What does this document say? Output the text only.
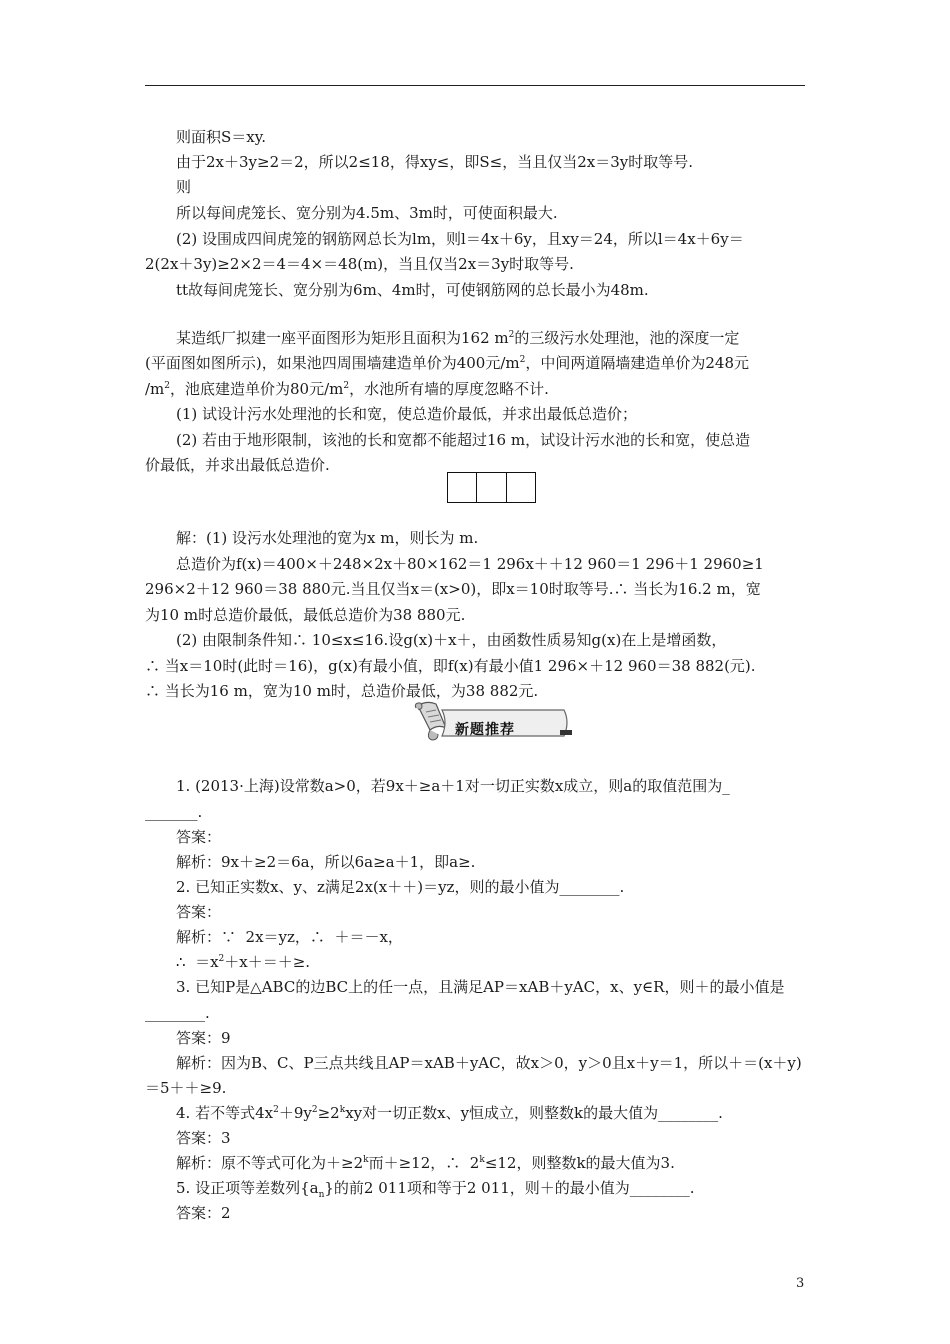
则面积S＝xy.
由于2x＋3y≥2＝2，所以2≤18，得xy≤，即S≤，当且仅当2x＝3y时取等号.
则
所以每间虎笼长、宽分别为4.5m、3m时，可使面积最大.
(2) 设围成四间虎笼的钢筋网总长为lm，则l＝4x＋6y，且xy＝24，所以l＝4x＋6y＝
2(2x＋3y)≥2×2＝4＝4×＝48(m)，当且仅当2x＝3y时取等号.
tt故每间虎笼长、宽分别为6m、4m时，可使钢筋网的总长最小为48m.
某造纸厂拟建一座平面图形为矩形且面积为162 $m^2$的三级污水处理池，池的深度一定
(平面图如图所示)，如果池四周围墙建造单价为400元$/m^2$，中间两道隔墙建造单价为248元
$/m^2$，池底建造单价为80元$/m^2$，水池所有墙的厚度忽略不计.
(1) 试设计污水处理池的长和宽，使总造价最低，并求出最低总造价；
(2) 若由于地形限制，该池的长和宽都不能超过16 m，试设计污水池的长和宽，使总造
价最低，并求出最低总造价.
解：(1) 设污水处理池的宽为x m，则长为 m.
总造价为f(x)＝400×＋248×2x＋80×162＝1 296x＋＋12 960＝1 296＋1 2960≥1
296×2＋12 960＝38 880元.当且仅当x＝(x>0)，即x＝10时取等号.∴ 当长为16.2 m，宽
为10 m时总造价最低，最低总造价为38 880元.
(2) 由限制条件知∴ 10≤x≤16.设g(x)＋x＋，由函数性质易知g(x)在上是增函数，
∴ 当x＝10时(此时＝16)，g(x)有最小值，即f(x)有最小值1 296×＋12 960＝38 882(元).
∴ 当长为16 m，宽为10 m时，总造价最低，为38 882元.
新题推荐
1. (2013·上海)设常数a>0，若9x＋≥a＋1对一切正实数x成立，则a的取值范围为_
_______.
答案：
解析：9x＋≥2＝6a，所以6a≥a＋1，即a≥.
2. 已知正实数x、y、z满足2x(x＋＋)＝yz，则的最小值为________.
答案：
解析：∵  2x＝yz，∴  ＋＝－x，
∴  $=x^2+x+=+\ge$.
3. 已知P是△ABC的边BC上的任一点，且满足AP＝xAB＋yAC，x、y∈R，则＋的最小值是
________.
答案：9
解析：因为B、C、P三点共线且AP＝xAB＋yAC，故x＞0，y＞0且x＋y＝1，所以＋＝(x＋y)
＝5＋＋≥9.
4. 若不等式$4x^2+9y^2\ge 2^kxy$对一切正数x、y恒成立，则整数k的最大值为________.
答案：3
解析：原不等式可化为$+\ge 2^k$而＋≥12，∴  $2^k\le 12$，则整数k的最大值为3.
5. 设正项等差数列$\{a_n\}$的前2 011项和等于2 011，则＋的最小值为________.
答案：2
3
